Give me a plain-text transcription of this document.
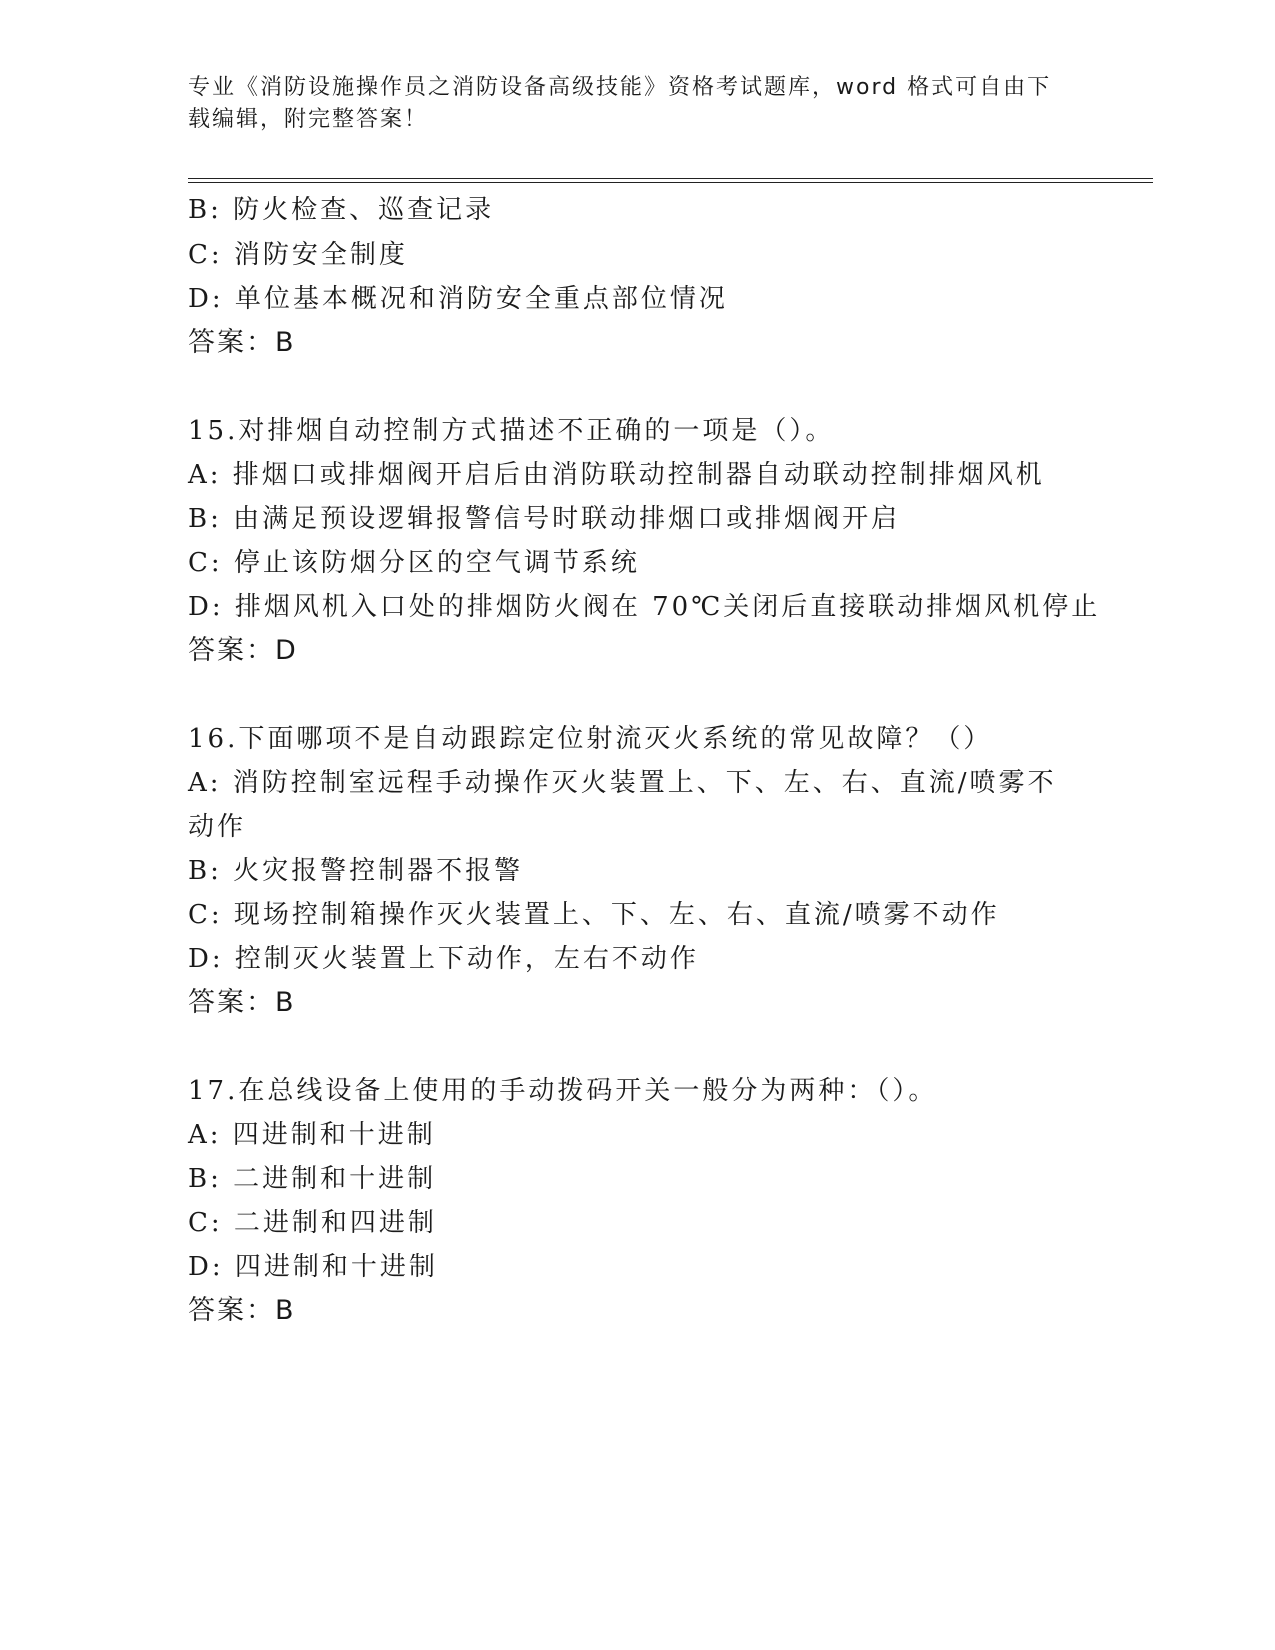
专业《消防设施操作员之消防设备高级技能》资格考试题库，word 格式可自由下
载编辑，附完整答案！
B: 防火检查、巡查记录
C: 消防安全制度
D: 单位基本概况和消防安全重点部位情况
答案：B
15.对排烟自动控制方式描述不正确的一项是（）。
A: 排烟口或排烟阀开启后由消防联动控制器自动联动控制排烟风机
B: 由满足预设逻辑报警信号时联动排烟口或排烟阀开启
C: 停止该防烟分区的空气调节系统
D: 排烟风机入口处的排烟防火阀在 70℃关闭后直接联动排烟风机停止
答案：D
16.下面哪项不是自动跟踪定位射流灭火系统的常见故障？（）
A: 消防控制室远程手动操作灭火装置上、下、左、右、直流/喷雾不
动作
B: 火灾报警控制器不报警
C: 现场控制箱操作灭火装置上、下、左、右、直流/喷雾不动作
D: 控制灭火装置上下动作，左右不动作
答案：B
17.在总线设备上使用的手动拨码开关一般分为两种：（）。
A: 四进制和十进制
B: 二进制和十进制
C: 二进制和四进制
D: 四进制和十进制
答案：B
